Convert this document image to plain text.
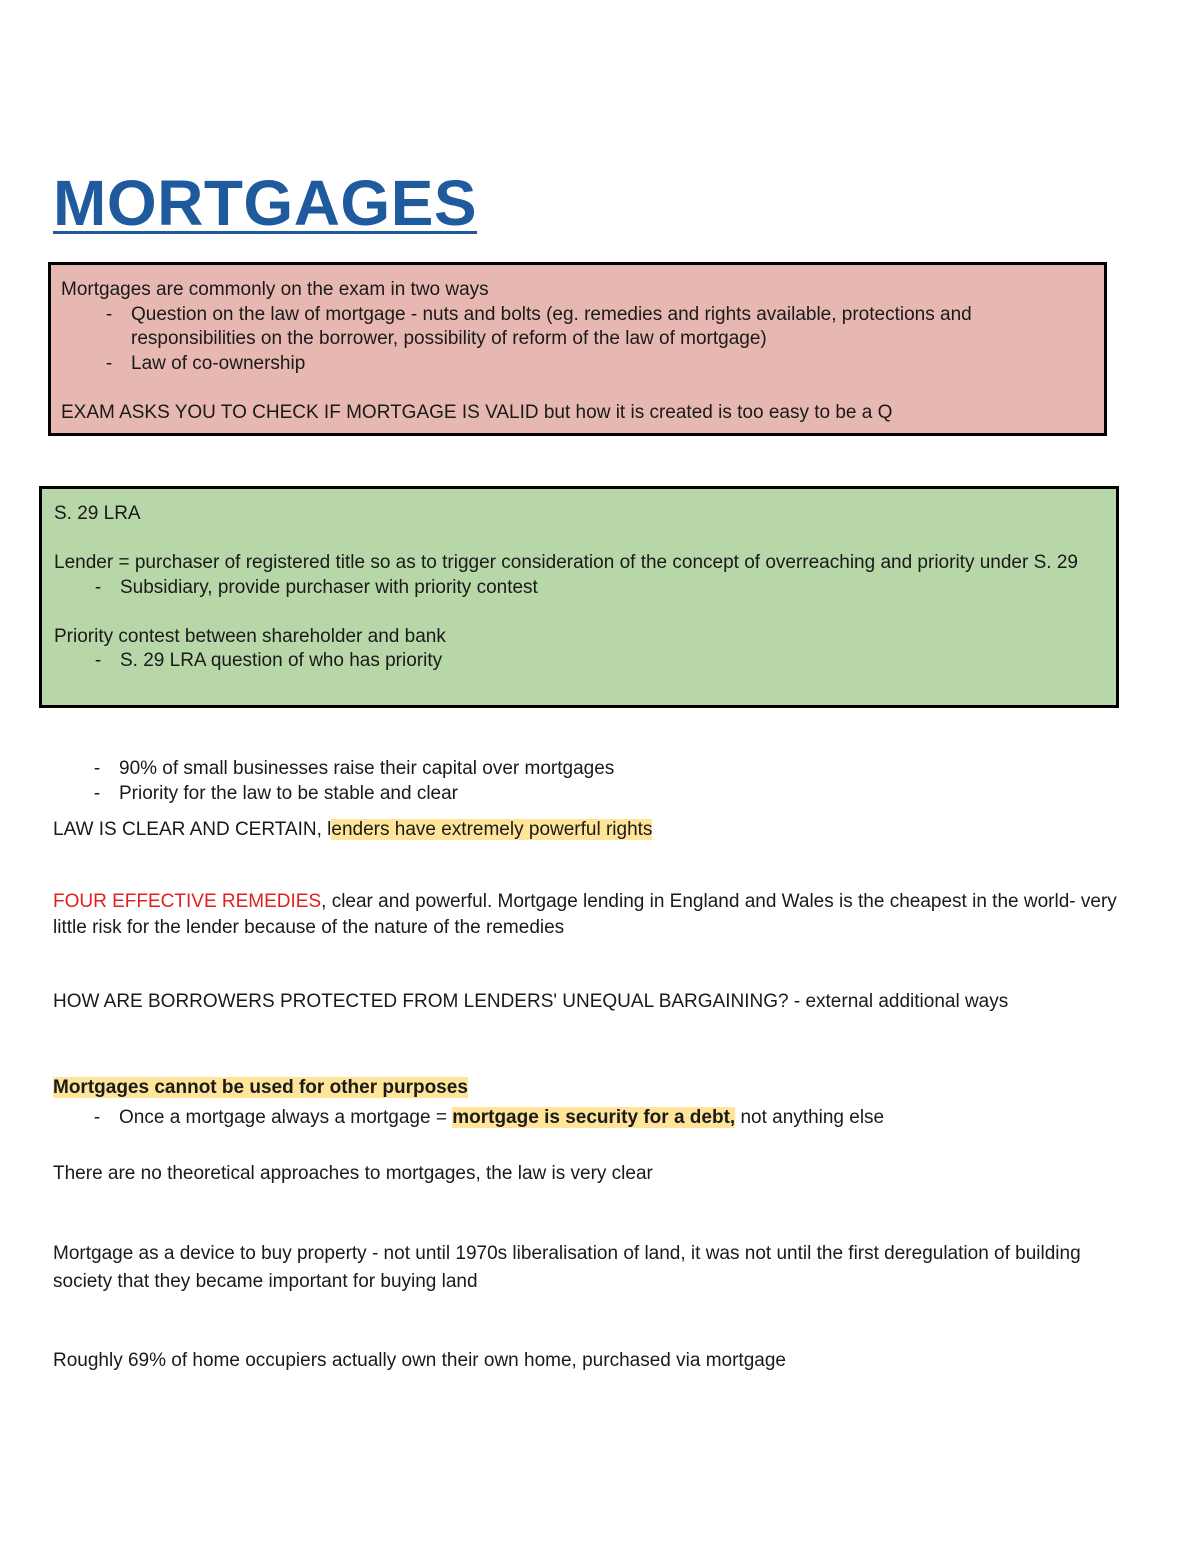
MORTGAGES
Mortgages are commonly on the exam in two ways
- Question on the law of mortgage - nuts and bolts (eg. remedies and rights available, protections and responsibilities on the borrower, possibility of reform of the law of mortgage)
- Law of co-ownership
EXAM ASKS YOU TO CHECK IF MORTGAGE IS VALID but how it is created is too easy to be a Q
S. 29 LRA
Lender = purchaser of registered title so as to trigger consideration of the concept of overreaching and priority under S. 29
- Subsidiary, provide purchaser with priority contest
Priority contest between shareholder and bank
- S. 29 LRA question of who has priority
- 90% of small businesses raise their capital over mortgages
- Priority for the law to be stable and clear
LAW IS CLEAR AND CERTAIN, lenders have extremely powerful rights
FOUR EFFECTIVE REMEDIES, clear and powerful. Mortgage lending in England and Wales is the cheapest in the world- very little risk for the lender because of the nature of the remedies
HOW ARE BORROWERS PROTECTED FROM LENDERS' UNEQUAL BARGAINING? - external additional ways
Mortgages cannot be used for other purposes
- Once a mortgage always a mortgage = mortgage is security for a debt, not anything else
There are no theoretical approaches to mortgages, the law is very clear
Mortgage as a device to buy property - not until 1970s liberalisation of land, it was not until the first deregulation of building society that they became important for buying land
Roughly 69% of home occupiers actually own their own home, purchased via mortgage
